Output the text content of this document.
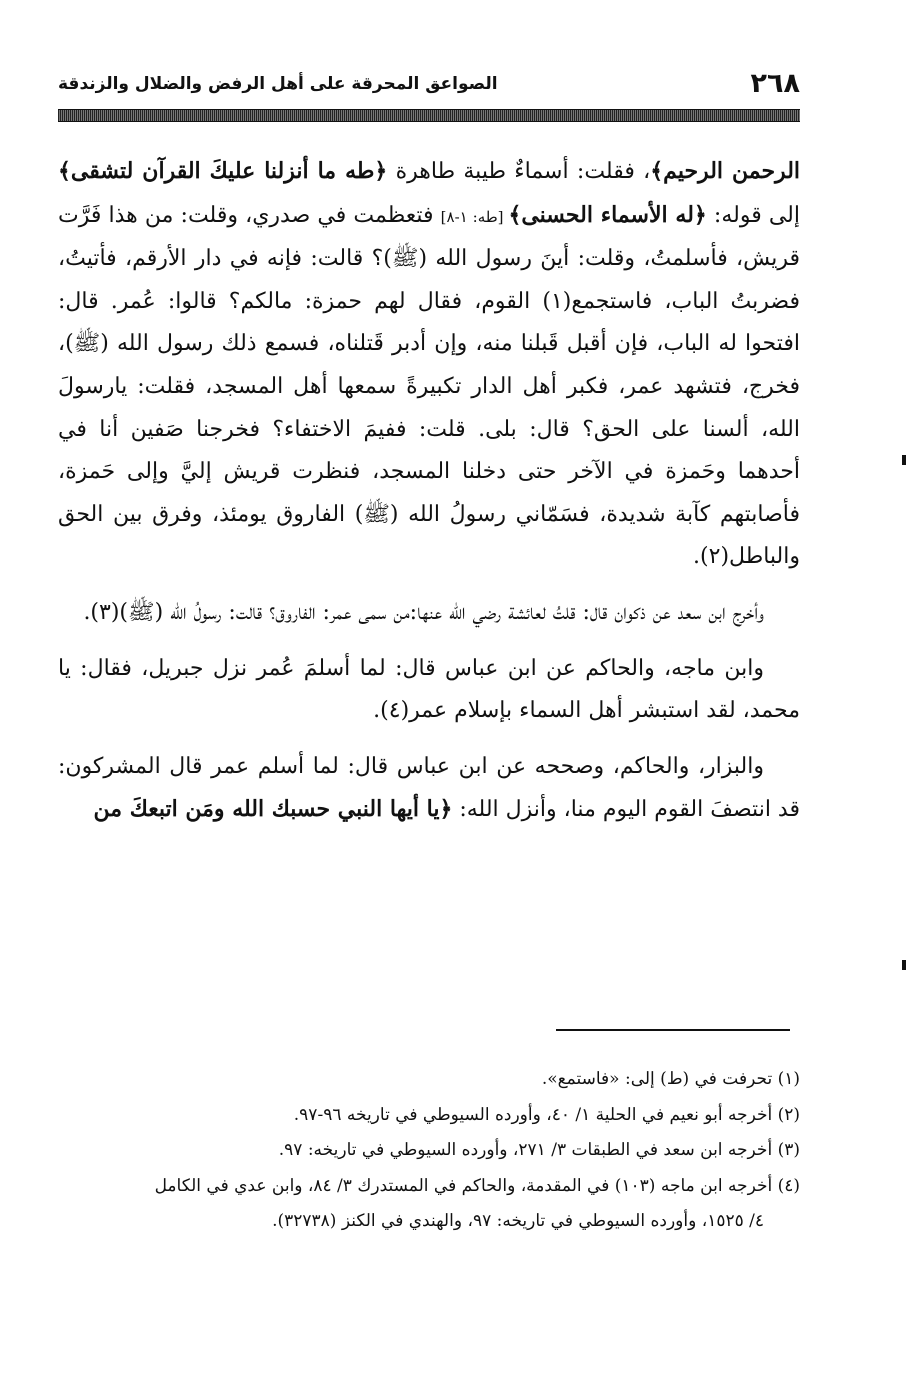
٢٦٨
الصواعق المحرقة على أهل الرفض والضلال والزندقة

الرحمن الرحيم﴾، فقلت: أسماءٌ طيبة طاهرة ﴿طه ما أنزلنا عليكَ القرآن لتشقى﴾ إلى قوله: ﴿له الأسماء الحسنى﴾ [طه: ١-٨] فتعظمت في صدري، وقلت: من هذا فَرَّت قريش، فأسلمتُ، وقلت: أينَ رسول الله (ﷺ)؟ قالت: فإنه في دار الأرقم، فأتيتُ، فضربتُ الباب، فاستجمع(١) القوم، فقال لهم حمزة: مالكم؟ قالوا: عُمر. قال: افتحوا له الباب، فإن أقبل قَبلنا منه، وإن أدبر قَتلناه، فسمع ذلك رسول الله (ﷺ)، فخرج، فتشهد عمر، فكبر أهل الدار تكبيرةً سمعها أهل المسجد، فقلت: يارسولَ الله، ألسنا على الحق؟ قال: بلى. قلت: ففيمَ الاختفاء؟ فخرجنا صَفين أنا في أحدهما وحَمزة في الآخر حتى دخلنا المسجد، فنظرت قريش إليَّ وإلى حَمزة، فأصابتهم كآبة شديدة، فسَمّاني رسولُ الله (ﷺ) الفاروق يومئذ، وفرق بين الحق والباطل(٢).

وأخرج ابن سعد عن ذكوان قال: قلتُ لعائشة رضي الله عنها:من سمى عمر: الفاروق؟ قالت: رسولُ الله (ﷺ)(٣).

وابن ماجه، والحاكم عن ابن عباس قال: لما أسلمَ عُمر نزل جبريل، فقال: يا محمد، لقد استبشر أهل السماء بإسلام عمر(٤).

والبزار، والحاكم، وصححه عن ابن عباس قال: لما أسلم عمر قال المشركون: قد انتصفَ القوم اليوم منا، وأنزل الله: ﴿يا أيها النبي حسبك الله ومَن اتبعكَ من

(١) تحرفت في (ط) إلى: «فاستمع».

(٢) أخرجه أبو نعيم في الحلية ١/ ٤٠، وأورده السيوطي في تاريخه ٩٦-٩٧.

(٣) أخرجه ابن سعد في الطبقات ٣/ ٢٧١، وأورده السيوطي في تاريخه: ٩٧.

(٤) أخرجه ابن ماجه (١٠٣) في المقدمة، والحاكم في المستدرك ٣/ ٨٤، وابن عدي في الكامل
٤/ ١٥٢٥، وأورده السيوطي في تاريخه: ٩٧، والهندي في الكنز (٣٢٧٣٨).
